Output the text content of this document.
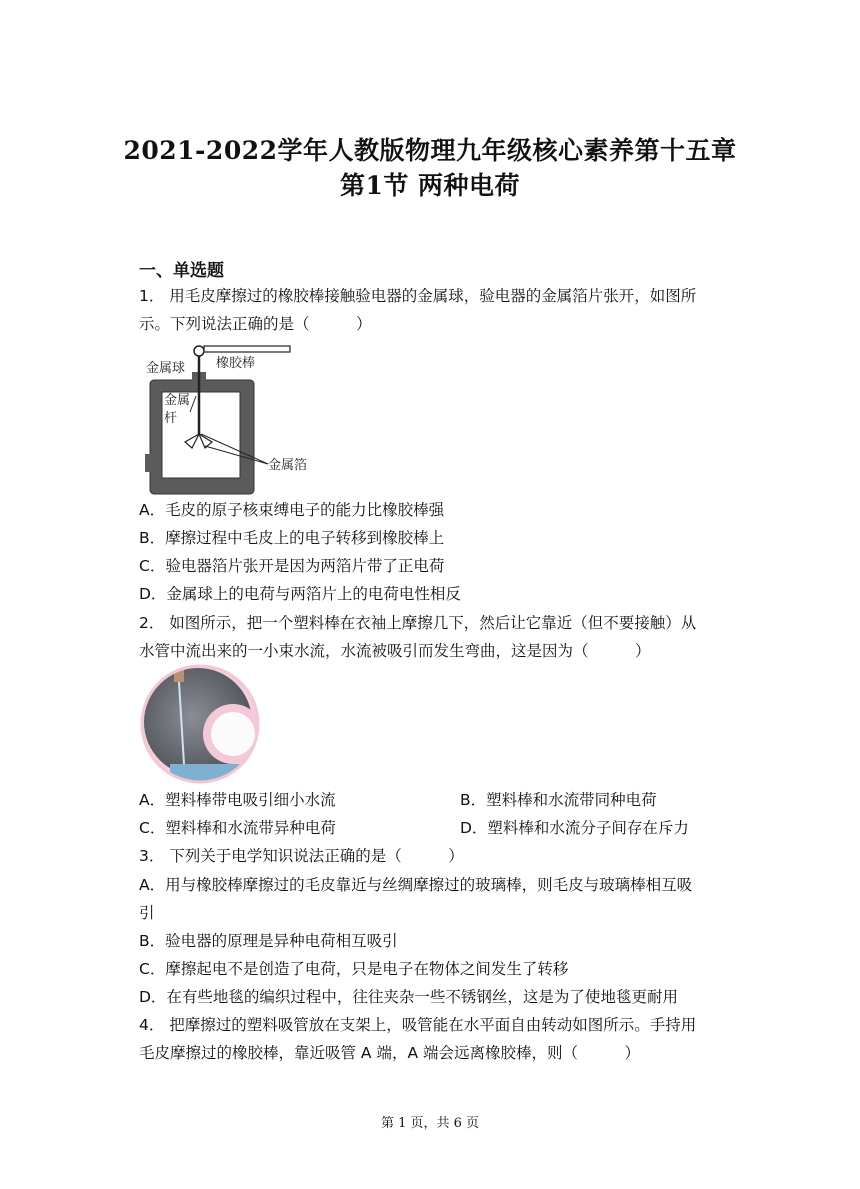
2021-2022学年人教版物理九年级核心素养第十五章
第1节 两种电荷
一、单选题
1． 用毛皮摩擦过的橡胶棒接触验电器的金属球，验电器的金属箔片张开，如图所
示。下列说法正确的是（　　　）
金属球 橡胶棒
金属
杆
金属箔
A．毛皮的原子核束缚电子的能力比橡胶棒强
B．摩擦过程中毛皮上的电子转移到橡胶棒上
C．验电器箔片张开是因为两箔片带了正电荷
D．金属球上的电荷与两箔片上的电荷电性相反
2． 如图所示，把一个塑料棒在衣袖上摩擦几下，然后让它靠近（但不要接触）从
水管中流出来的一小束水流，水流被吸引而发生弯曲，这是因为（　　　）
A．塑料棒带电吸引细小水流	B．塑料棒和水流带同种电荷
C．塑料棒和水流带异种电荷	D．塑料棒和水流分子间存在斥力
3． 下列关于电学知识说法正确的是（　　　）
A．用与橡胶棒摩擦过的毛皮靠近与丝绸摩擦过的玻璃棒，则毛皮与玻璃棒相互吸
引
B．验电器的原理是异种电荷相互吸引
C．摩擦起电不是创造了电荷，只是电子在物体之间发生了转移
D．在有些地毯的编织过程中，往往夹杂一些不锈钢丝，这是为了使地毯更耐用
4． 把摩擦过的塑料吸管放在支架上，吸管能在水平面自由转动如图所示。手持用
毛皮摩擦过的橡胶棒，靠近吸管 A 端，A 端会远离橡胶棒，则（　　　）
第 1 页，共 6 页
